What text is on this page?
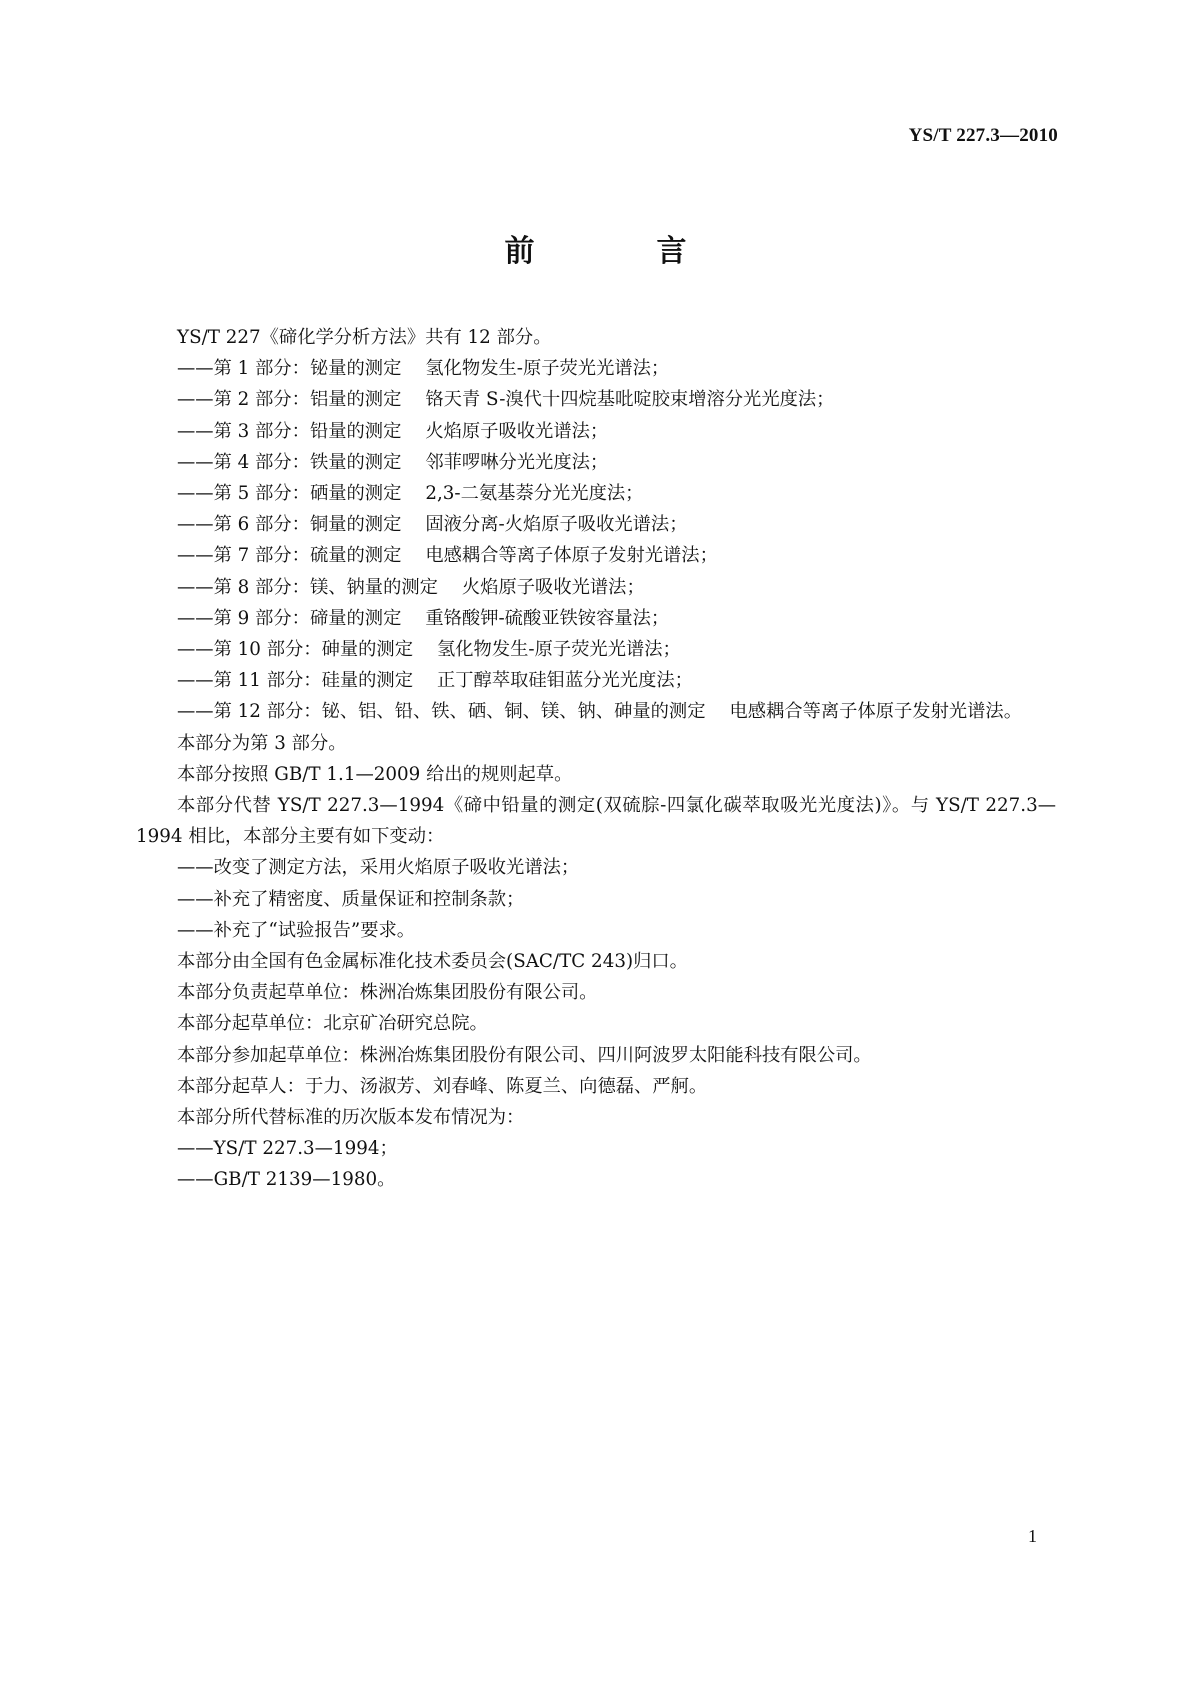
YS/T 227.3—2010
前　言

YS/T 227《碲化学分析方法》共有 12 部分。

——第 1 部分：铋量的测定 氢化物发生-原子荧光光谱法；

——第 2 部分：铝量的测定 铬天青 S-溴代十四烷基吡啶胶束增溶分光光度法；

——第 3 部分：铅量的测定 火焰原子吸收光谱法；

——第 4 部分：铁量的测定 邻菲啰啉分光光度法；

——第 5 部分：硒量的测定 2,3-二氨基萘分光光度法；

——第 6 部分：铜量的测定 固液分离-火焰原子吸收光谱法；

——第 7 部分：硫量的测定 电感耦合等离子体原子发射光谱法；

——第 8 部分：镁、钠量的测定 火焰原子吸收光谱法；

——第 9 部分：碲量的测定 重铬酸钾-硫酸亚铁铵容量法；

——第 10 部分：砷量的测定 氢化物发生-原子荧光光谱法；

——第 11 部分：硅量的测定 正丁醇萃取硅钼蓝分光光度法；

——第 12 部分：铋、铝、铅、铁、硒、铜、镁、钠、砷量的测定 电感耦合等离子体原子发射光谱法。

本部分为第 3 部分。

本部分按照 GB/T 1.1—2009 给出的规则起草。

本部分代替 YS/T 227.3—1994《碲中铅量的测定(双硫腙-四氯化碳萃取吸光光度法)》。与 YS/T 227.3—1994 相比，本部分主要有如下变动：

——改变了测定方法，采用火焰原子吸收光谱法；

——补充了精密度、质量保证和控制条款；

——补充了“试验报告”要求。

本部分由全国有色金属标准化技术委员会(SAC/TC 243)归口。

本部分负责起草单位：株洲冶炼集团股份有限公司。

本部分起草单位：北京矿冶研究总院。

本部分参加起草单位：株洲冶炼集团股份有限公司、四川阿波罗太阳能科技有限公司。

本部分起草人：于力、汤淑芳、刘春峰、陈夏兰、向德磊、严舸。

本部分所代替标准的历次版本发布情况为：

——YS/T 227.3—1994；

——GB/T 2139—1980。

1
